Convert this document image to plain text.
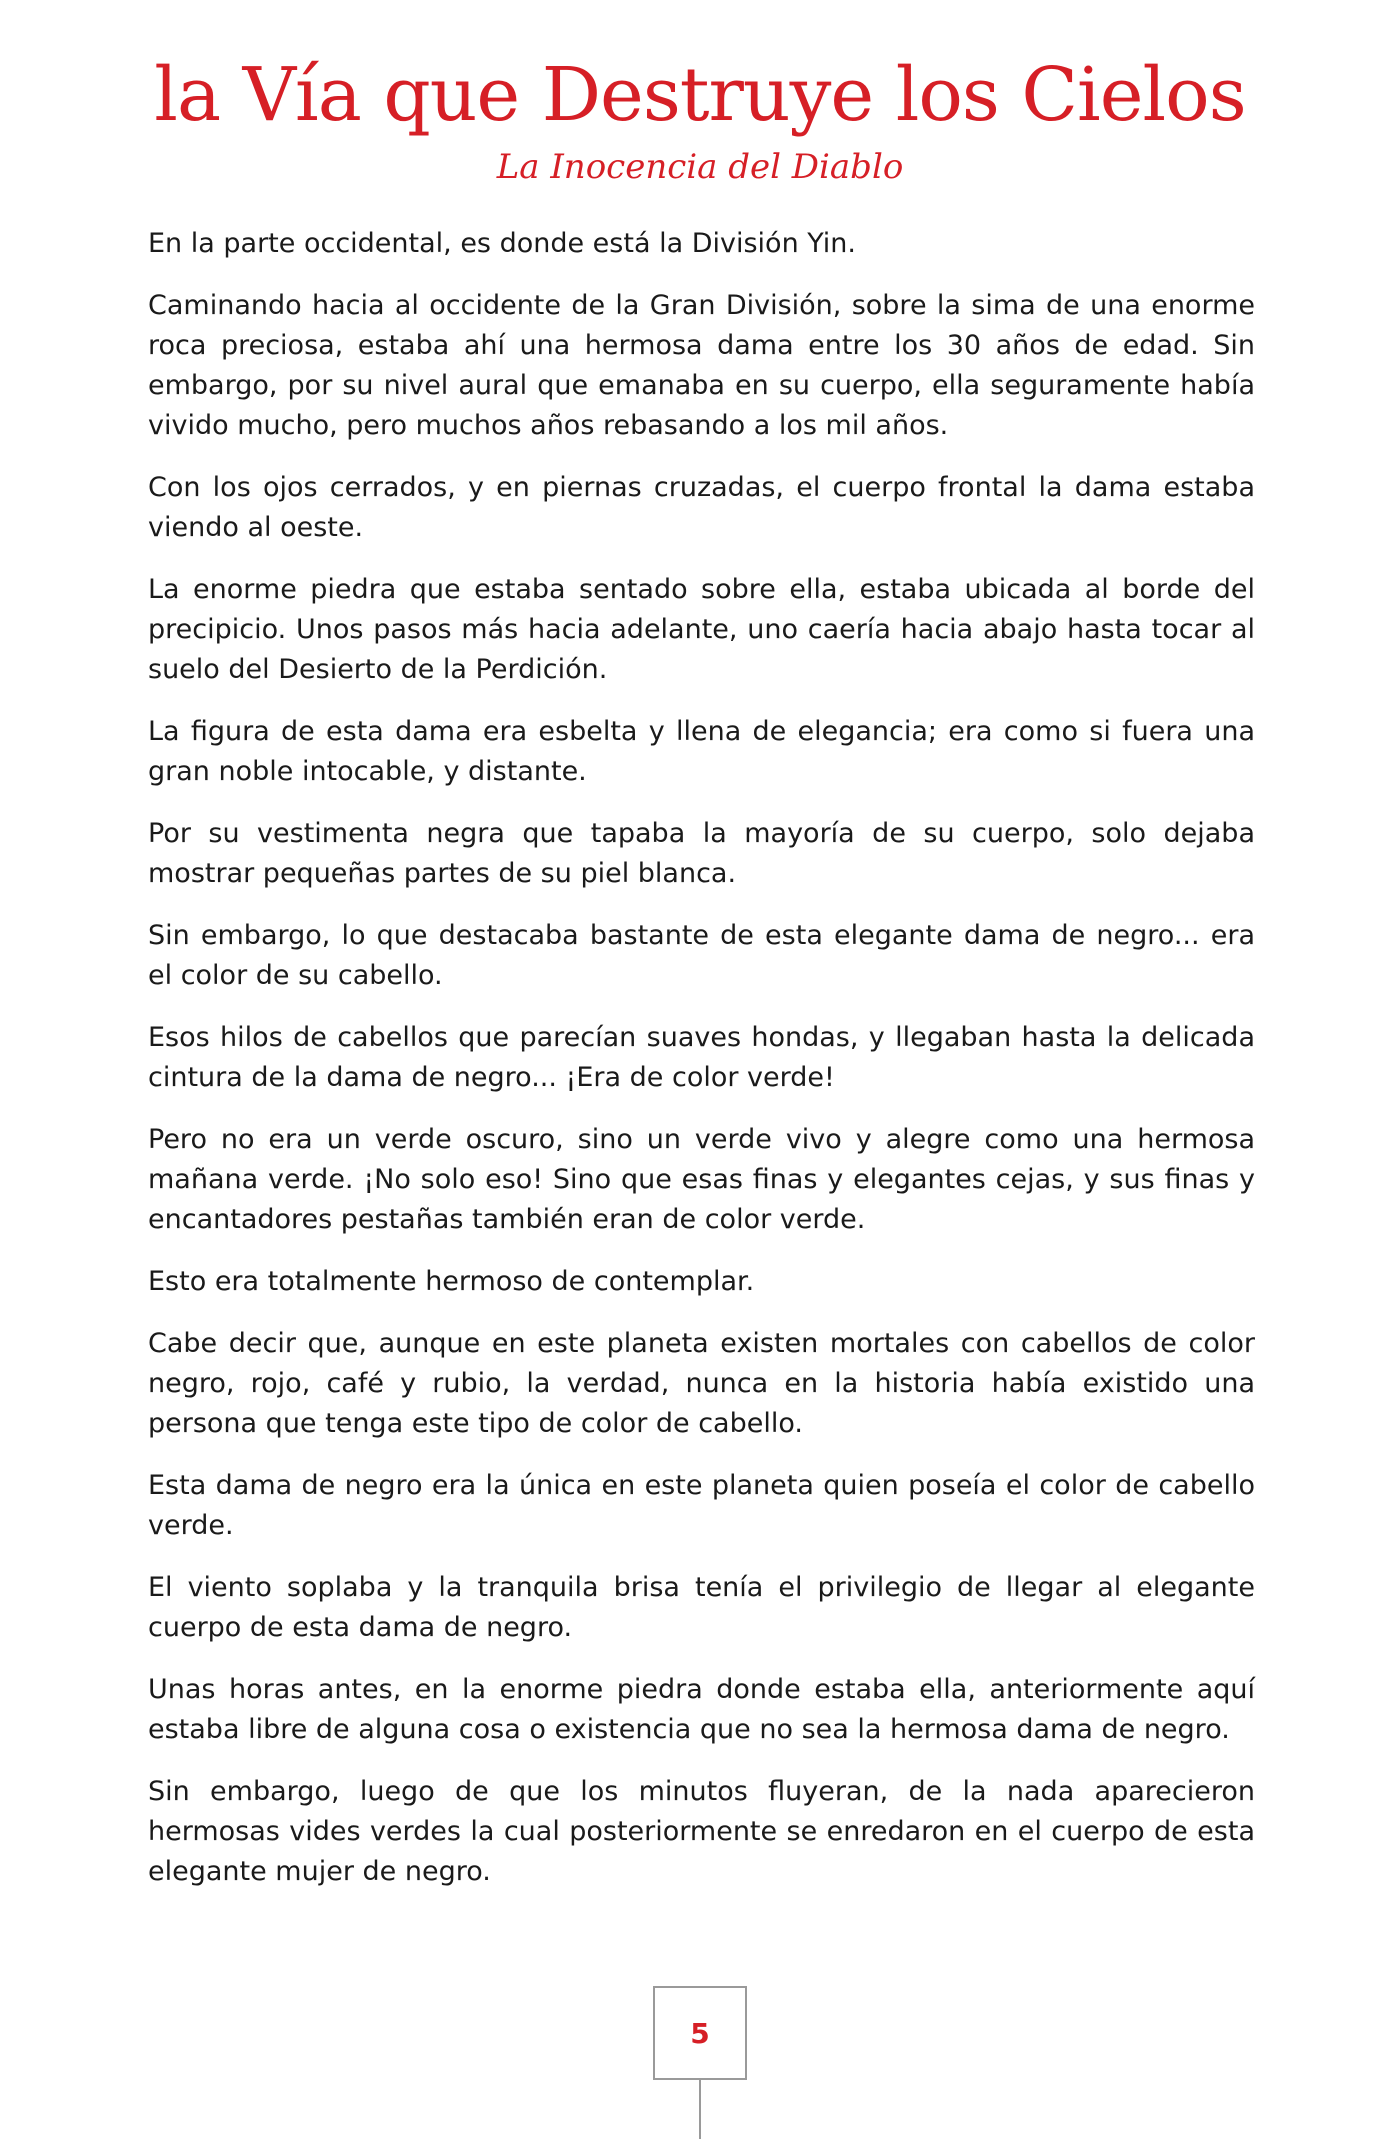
la Vía que Destruye los Cielos
La Inocencia del Diablo

En la parte occidental, es donde está la División Yin.

Caminando hacia al occidente de la Gran División, sobre la sima de una enorme roca preciosa, estaba ahí una hermosa dama entre los 30 años de edad. Sin embargo, por su nivel aural que emanaba en su cuerpo, ella seguramente había vivido mucho, pero muchos años rebasando a los mil años.

Con los ojos cerrados, y en piernas cruzadas, el cuerpo frontal la dama estaba viendo al oeste.

La enorme piedra que estaba sentado sobre ella, estaba ubicada al borde del precipicio. Unos pasos más hacia adelante, uno caería hacia abajo hasta tocar al suelo del Desierto de la Perdición.

La figura de esta dama era esbelta y llena de elegancia; era como si fuera una gran noble intocable, y distante.

Por su vestimenta negra que tapaba la mayoría de su cuerpo, solo dejaba mostrar pequeñas partes de su piel blanca.

Sin embargo, lo que destacaba bastante de esta elegante dama de negro... era el color de su cabello.

Esos hilos de cabellos que parecían suaves hondas, y llegaban hasta la delicada cintura de la dama de negro... ¡Era de color verde!

Pero no era un verde oscuro, sino un verde vivo y alegre como una hermosa mañana verde. ¡No solo eso! Sino que esas finas y elegantes cejas, y sus finas y encantadores pestañas también eran de color verde.

Esto era totalmente hermoso de contemplar.

Cabe decir que, aunque en este planeta existen mortales con cabellos de color negro, rojo, café y rubio, la verdad, nunca en la historia había existido una persona que tenga este tipo de color de cabello.

Esta dama de negro era la única en este planeta quien poseía el color de cabello verde.

El viento soplaba y la tranquila brisa tenía el privilegio de llegar al elegante cuerpo de esta dama de negro.

Unas horas antes, en la enorme piedra donde estaba ella, anteriormente aquí estaba libre de alguna cosa o existencia que no sea la hermosa dama de negro.

Sin embargo, luego de que los minutos fluyeran, de la nada aparecieron hermosas vides verdes la cual posteriormente se enredaron en el cuerpo de esta elegante mujer de negro.

5
